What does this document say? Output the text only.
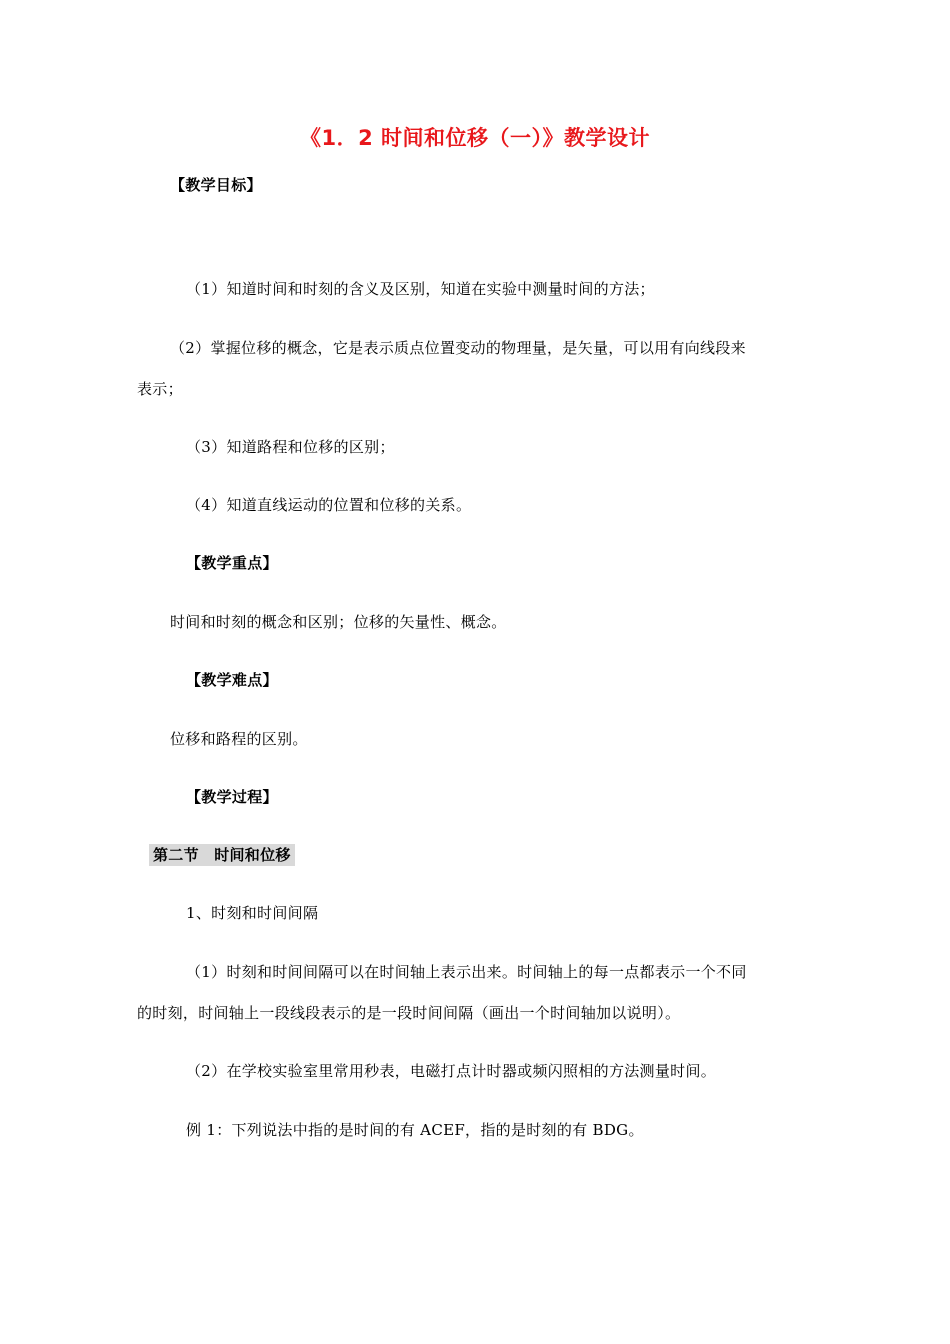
《1．2 时间和位移（一）》教学设计
【教学目标】
（1）知道时间和时刻的含义及区别，知道在实验中测量时间的方法；
（2）掌握位移的概念，它是表示质点位置变动的物理量，是矢量，可以用有向线段来
表示；
（3）知道路程和位移的区别；
（4）知道直线运动的位置和位移的关系。
【教学重点】
时间和时刻的概念和区别；位移的矢量性、概念。
【教学难点】
位移和路程的区别。
【教学过程】
第二节　时间和位移
1、时刻和时间间隔
（1）时刻和时间间隔可以在时间轴上表示出来。时间轴上的每一点都表示一个不同
的时刻，时间轴上一段线段表示的是一段时间间隔（画出一个时间轴加以说明）。
（2）在学校实验室里常用秒表，电磁打点计时器或频闪照相的方法测量时间。
例 1：下列说法中指的是时间的有 ACEF，指的是时刻的有 BDG。
